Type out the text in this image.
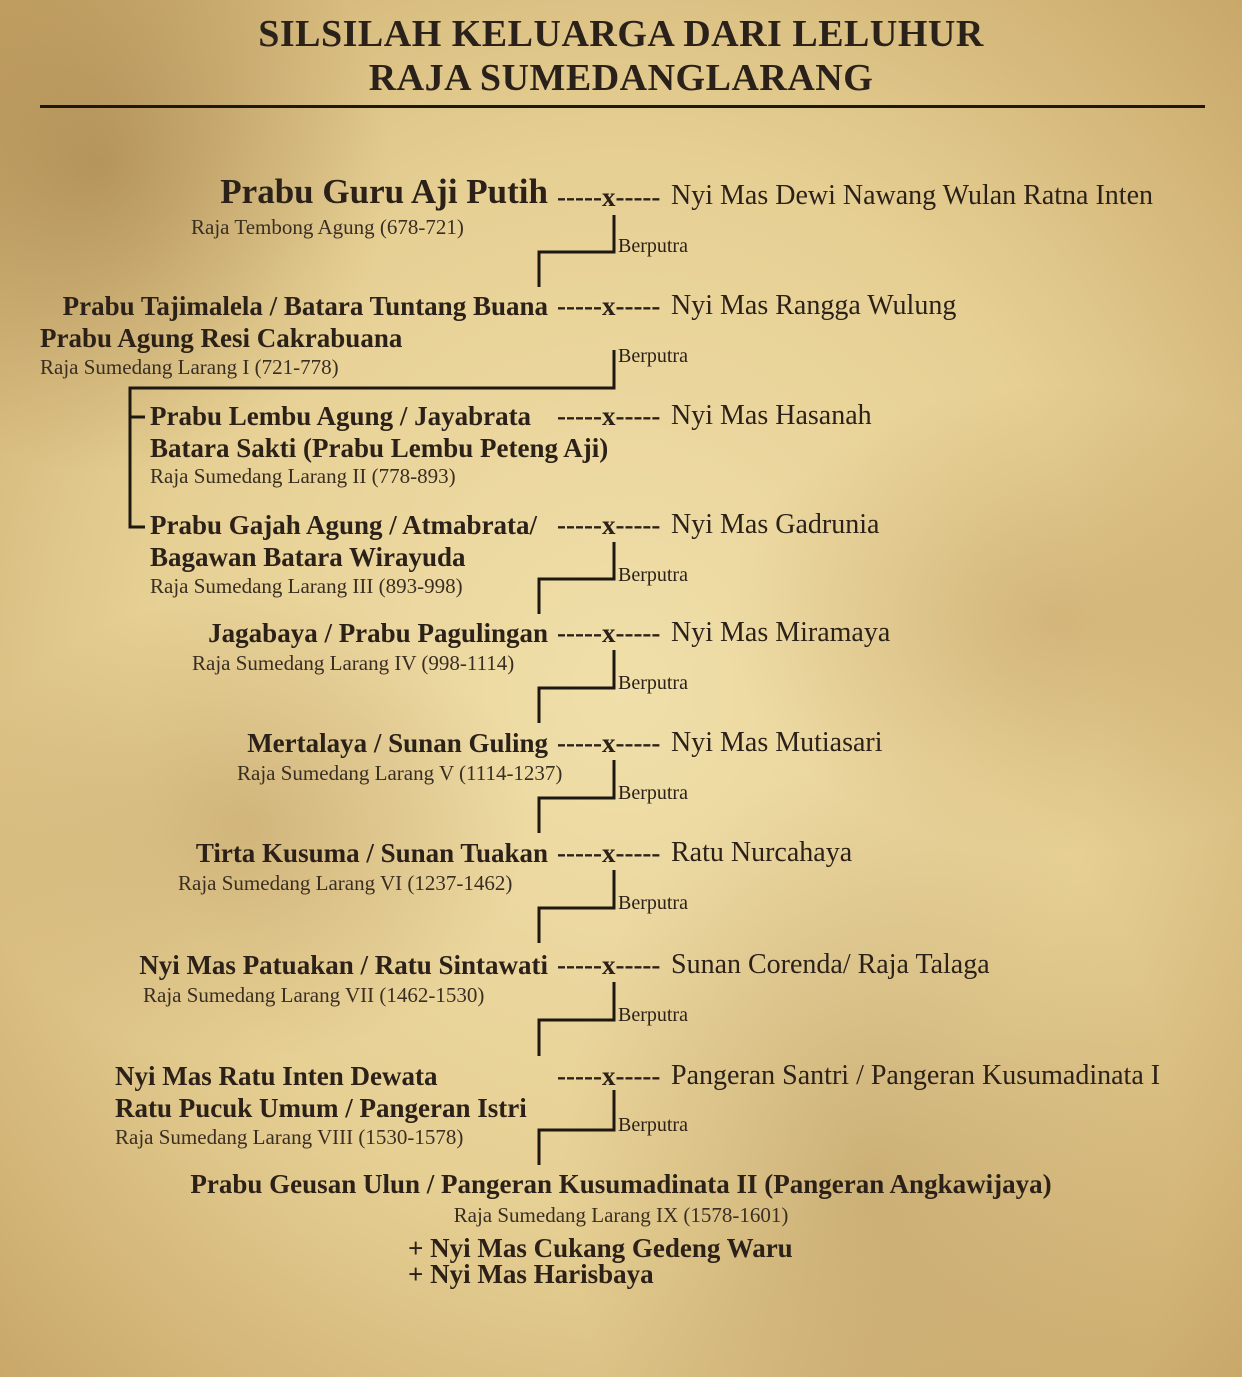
SILSILAH KELUARGA DARI LELUHUR
RAJA SUMEDANGLARANG
Prabu Guru Aji Putih
Raja Tembong Agung (678-721)
-----x----- Nyi Mas Dewi Nawang Wulan Ratna Inten
Berputra
Prabu Tajimalela / Batara Tuntang Buana
Prabu Agung Resi Cakrabuana
Raja Sumedang Larang I (721-778)
-----x----- Nyi Mas Rangga Wulung
Berputra
Prabu Lembu Agung / Jayabrata
Batara Sakti (Prabu Lembu Peteng Aji)
Raja Sumedang Larang II (778-893)
-----x----- Nyi Mas Hasanah
Prabu Gajah Agung / Atmabrata/
Bagawan Batara Wirayuda
Raja Sumedang Larang III (893-998)
-----x----- Nyi Mas Gadrunia
Berputra
Jagabaya / Prabu Pagulingan
Raja Sumedang Larang IV (998-1114)
-----x----- Nyi Mas Miramaya
Berputra
Mertalaya / Sunan Guling
Raja Sumedang Larang V (1114-1237)
-----x----- Nyi Mas Mutiasari
Berputra
Tirta Kusuma / Sunan Tuakan
Raja Sumedang Larang VI (1237-1462)
-----x----- Ratu Nurcahaya
Berputra
Nyi Mas Patuakan / Ratu Sintawati
Raja Sumedang Larang VII (1462-1530)
-----x----- Sunan Corenda/ Raja Talaga
Berputra
Nyi Mas Ratu Inten Dewata
Ratu Pucuk Umum / Pangeran Istri
Raja Sumedang Larang VIII (1530-1578)
-----x----- Pangeran Santri / Pangeran Kusumadinata I
Berputra
Prabu Geusan Ulun / Pangeran Kusumadinata II (Pangeran Angkawijaya)
Raja Sumedang Larang IX (1578-1601)
+ Nyi Mas Cukang Gedeng Waru
+ Nyi Mas Harisbaya
